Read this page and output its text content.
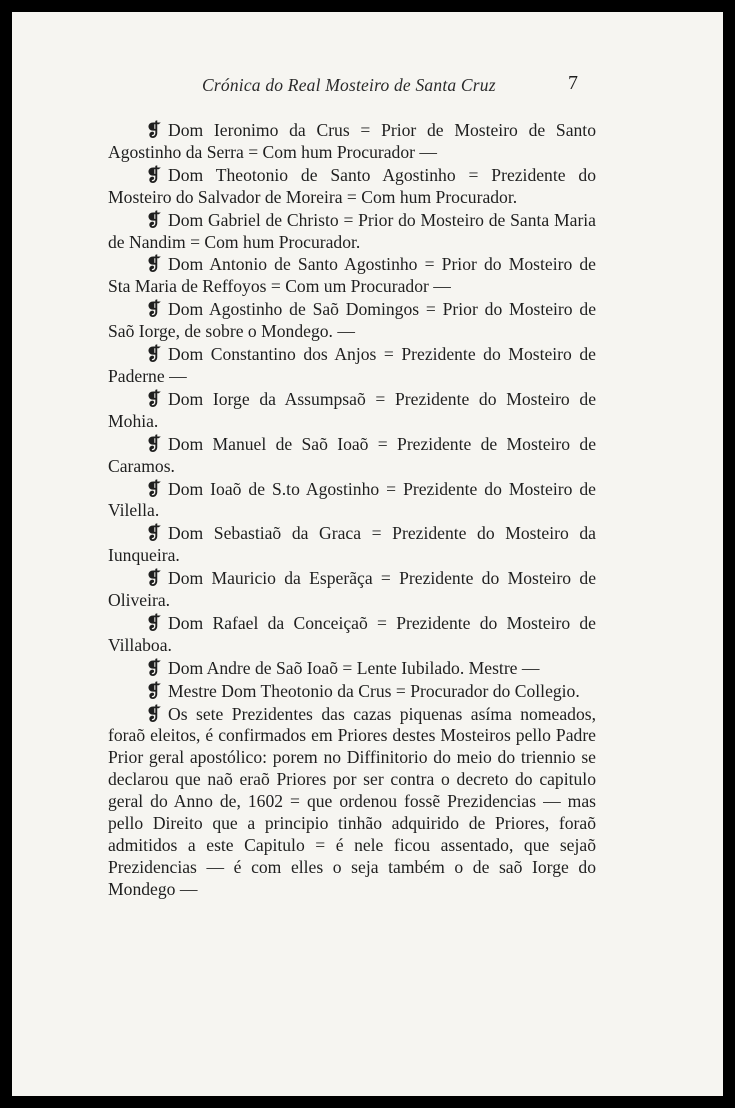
Crónica do Real Mosteiro de Santa Cruz	7

❡ Dom Ieronimo da Crus = Prior de Mosteiro de Santo Agostinho da Serra = Com hum Procurador —

❡ Dom Theotonio de Santo Agostinho = Prezidente do Mosteiro do Salvador de Moreira = Com hum Procurador.

❡ Dom Gabriel de Christo = Prior do Mosteiro de Santa Maria de Nandim = Com hum Procurador.

❡ Dom Antonio de Santo Agostinho = Prior do Mosteiro de Sta Maria de Reffoyos = Com um Procurador —

❡ Dom Agostinho de Saõ Domingos = Prior do Mosteiro de Saõ Iorge, de sobre o Mondego. —

❡ Dom Constantino dos Anjos = Prezidente do Mosteiro de Paderne —

❡ Dom Iorge da Assumpsaõ = Prezidente do Mosteiro de Mohia.

❡ Dom Manuel de Saõ Ioaõ = Prezidente de Mosteiro de Caramos.

❡ Dom Ioaõ de S.to Agostinho = Prezidente do Mosteiro de Vilella.

❡ Dom Sebastiaõ da Graca = Prezidente do Mosteiro da Iunqueira.

❡ Dom Mauricio da Esperãça = Prezidente do Mosteiro de Oliveira.

❡ Dom Rafael da Conceiçaõ = Prezidente do Mosteiro de Villaboa.

❡ Dom Andre de Saõ Ioaõ = Lente Iubilado. Mestre —

❡ Mestre Dom Theotonio da Crus = Procurador do Collegio.

❡ Os sete Prezidentes das cazas piquenas asíma nomeados, foraõ eleitos, é confirmados em Priores destes Mosteiros pello Padre Prior geral apostólico: porem no Diffinitorio do meio do triennio se declarou que naõ eraõ Priores por ser contra o decreto do capitulo geral do Anno de, 1602 = que ordenou fossẽ Prezidencias — mas pello Direito que a principio tinhão adquirido de Priores, foraõ admitidos a este Capitulo = é nele ficou assentado, que sejaõ Prezidencias — é com elles o seja também o de saõ Iorge do Mondego —
